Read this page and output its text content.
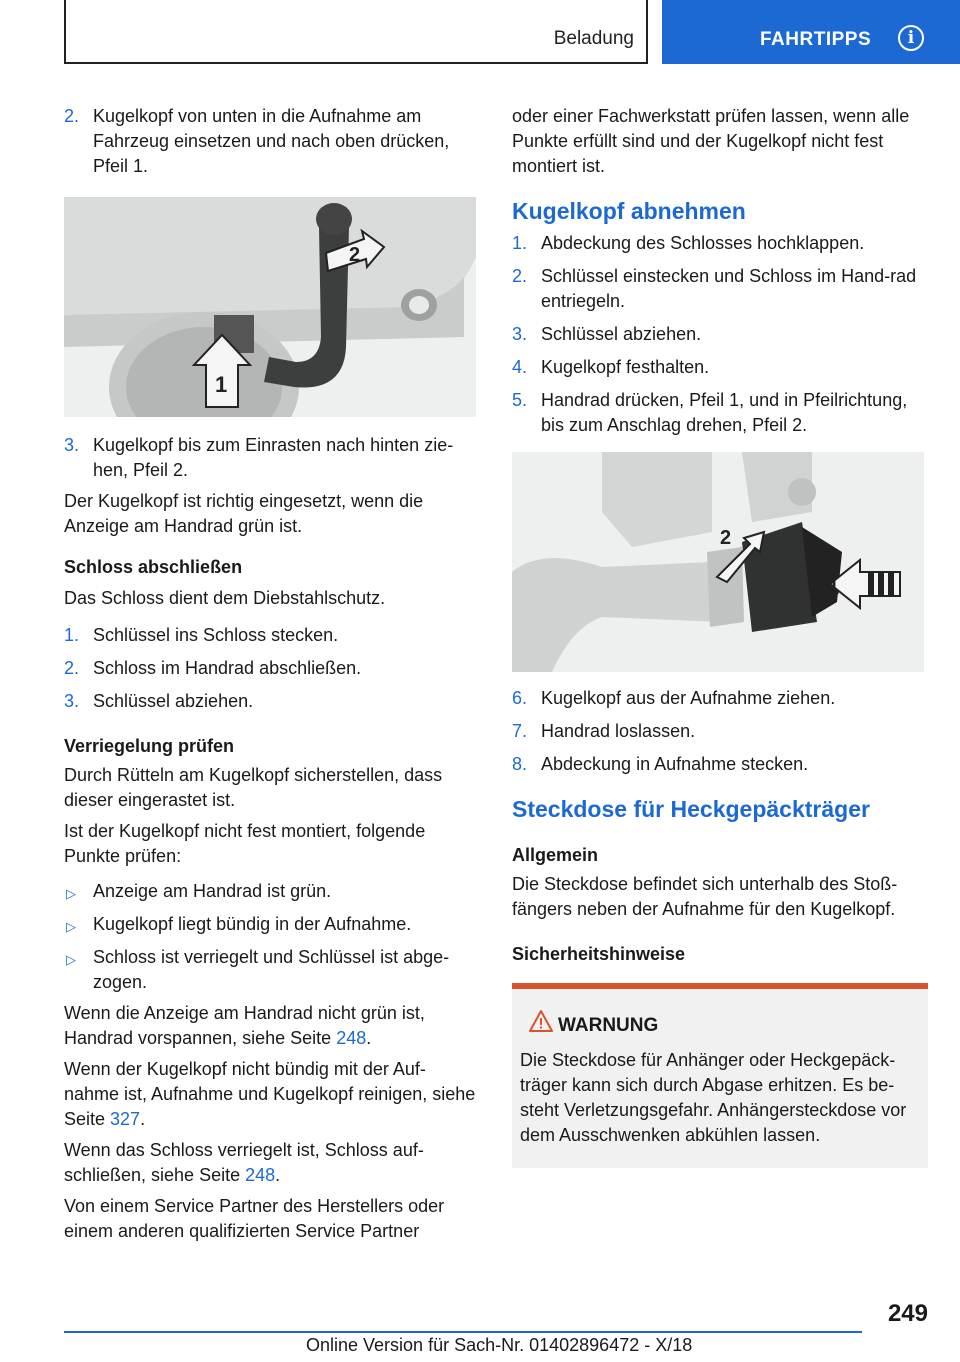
Beladung	FAHRTIPPS	i
2. Kugelkopf von unten in die Aufnahme am Fahrzeug einsetzen und nach oben drücken, Pfeil 1.
2
1
3. Kugelkopf bis zum Einrasten nach hinten zie-hen, Pfeil 2.
Der Kugelkopf ist richtig eingesetzt, wenn die Anzeige am Handrad grün ist.
Schloss abschließen
Das Schloss dient dem Diebstahlschutz.
1. Schlüssel ins Schloss stecken.
2. Schloss im Handrad abschließen.
3. Schlüssel abziehen.
Verriegelung prüfen
Durch Rütteln am Kugelkopf sicherstellen, dass dieser eingerastet ist.
Ist der Kugelkopf nicht fest montiert, folgende Punkte prüfen:
▷ Anzeige am Handrad ist grün.
▷ Kugelkopf liegt bündig in der Aufnahme.
▷ Schloss ist verriegelt und Schlüssel ist abge-zogen.
Wenn die Anzeige am Handrad nicht grün ist, Handrad vorspannen, siehe Seite 248.
Wenn der Kugelkopf nicht bündig mit der Auf-nahme ist, Aufnahme und Kugelkopf reinigen, siehe Seite 327.
Wenn das Schloss verriegelt ist, Schloss auf-schließen, siehe Seite 248.
Von einem Service Partner des Herstellers oder einem anderen qualifizierten Service Partner
oder einer Fachwerkstatt prüfen lassen, wenn alle Punkte erfüllt sind und der Kugelkopf nicht fest montiert ist.
Kugelkopf abnehmen
1. Abdeckung des Schlosses hochklappen.
2. Schlüssel einstecken und Schloss im Hand-rad entriegeln.
3. Schlüssel abziehen.
4. Kugelkopf festhalten.
5. Handrad drücken, Pfeil 1, und in Pfeilrichtung, bis zum Anschlag drehen, Pfeil 2.
2
1
6. Kugelkopf aus der Aufnahme ziehen.
7. Handrad loslassen.
8. Abdeckung in Aufnahme stecken.
Steckdose für Heckgepäckträger
Allgemein
Die Steckdose befindet sich unterhalb des Stoß-fängers neben der Aufnahme für den Kugelkopf.
Sicherheitshinweise
WARNUNG
Die Steckdose für Anhänger oder Heckgepäck-träger kann sich durch Abgase erhitzen. Es be-steht Verletzungsgefahr. Anhängersteckdose vor dem Ausschwenken abkühlen lassen.
249
Online Version für Sach-Nr. 01402896472 - X/18
